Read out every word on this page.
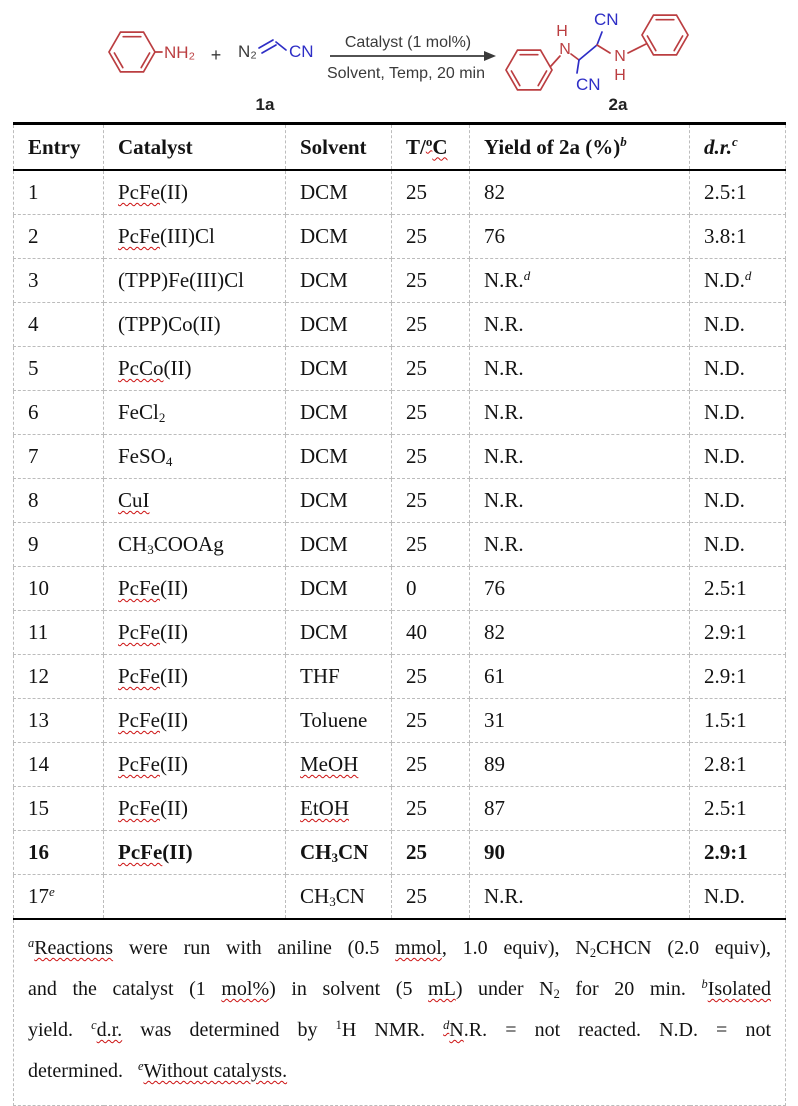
NH₂ + N₂ CN
1a
Catalyst (1 mol%)
Solvent, Temp, 20 min
H
N
CN
CN
N
H
2a
Entry	Catalyst	Solvent	T/$^o$C	Yield of 2a (%)$^b$	d.r.$^c$
1	PcFe(II)	DCM	25	82	2.5:1
2	PcFe(III)Cl	DCM	25	76	3.8:1
3	(TPP)Fe(III)Cl	DCM	25	N.R.$^d$	N.D.$^d$
4	(TPP)Co(II)	DCM	25	N.R.	N.D.
5	PcCo(II)	DCM	25	N.R.	N.D.
6	FeCl2	DCM	25	N.R.	N.D.
7	FeSO4	DCM	25	N.R.	N.D.
8	CuI	DCM	25	N.R.	N.D.
9	CH3COOAg	DCM	25	N.R.	N.D.
10	PcFe(II)	DCM	0	76	2.5:1
11	PcFe(II)	DCM	40	82	2.9:1
12	PcFe(II)	THF	25	61	2.9:1
13	PcFe(II)	Toluene	25	31	1.5:1
14	PcFe(II)	MeOH	25	89	2.8:1
15	PcFe(II)	EtOH	25	87	2.5:1
16	PcFe(II)	CH3CN	25	90	2.9:1
17e		CH3CN	25	N.R.	N.D.

$^a$Reactions were run with aniline (0.5 mmol, 1.0 equiv), N2CHCN (2.0 equiv),
and the catalyst (1 mol%) in solvent (5 mL) under N2 for 20 min. $^b$Isolated
yield. $^c$d.r. was determined by $^1$H NMR. $^d$N.R. = not reacted. N.D. = not
determined.   $^e$Without catalysts.					
